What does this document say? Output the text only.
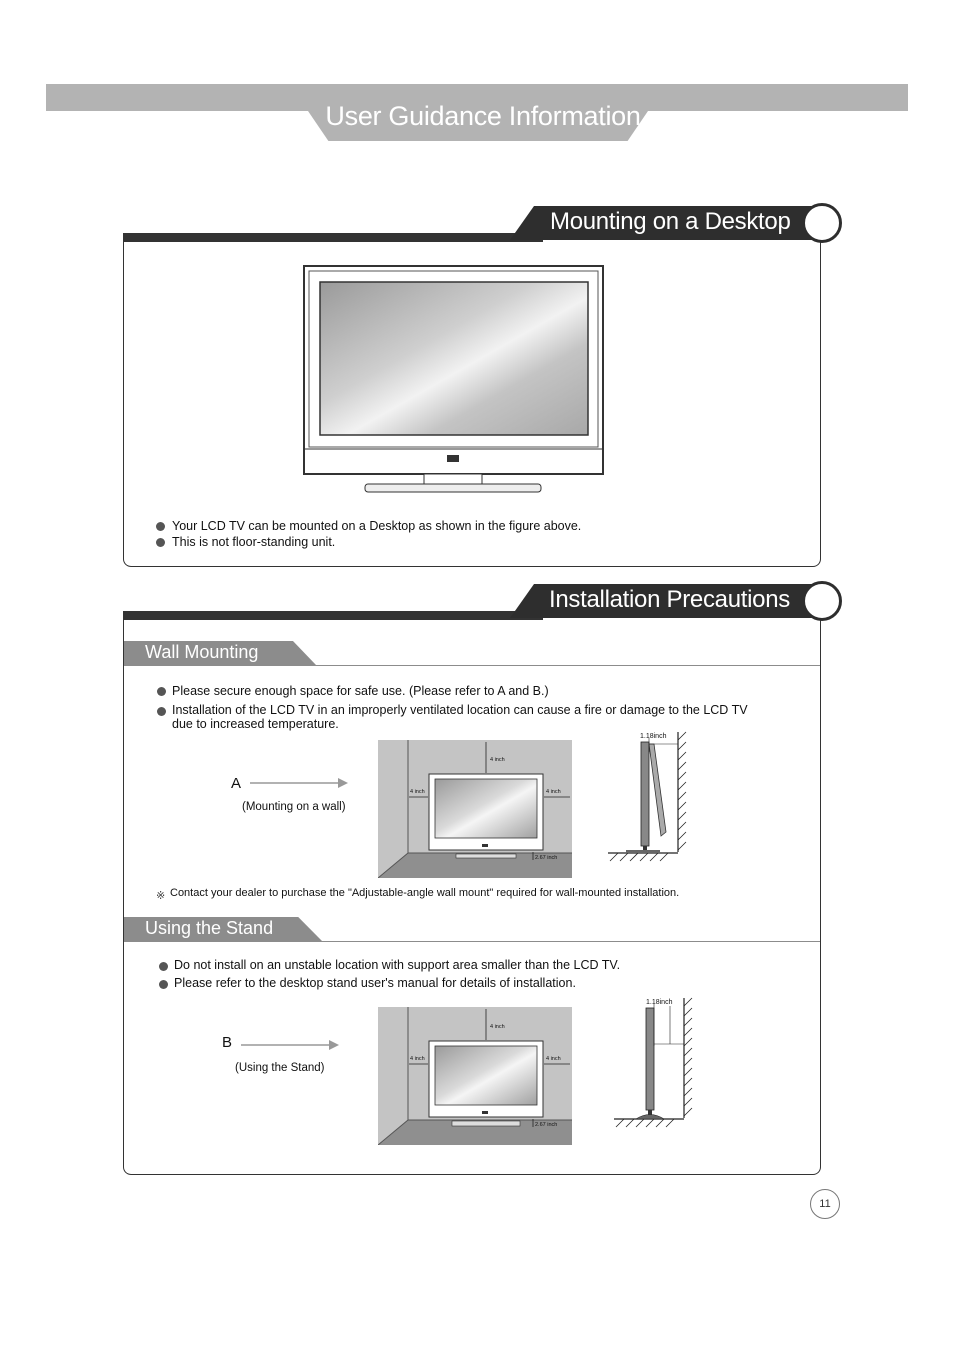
User Guidance Information
Mounting on a Desktop
Your LCD TV can be mounted on a Desktop as shown in the figure above.
This is not floor-standing unit.
Installation Precautions
Wall Mounting
Please secure enough space for safe use. (Please refer to A and B.)
Installation of the LCD TV in an improperly ventilated location can cause a fire or damage to the LCD TV
due to increased temperature.
A
(Mounting on a wall)
4 inch
4 inch	4 inch
2.67 inch
1.18inch
※ Contact your dealer to purchase the "Adjustable-angle wall mount" required for wall-mounted installation.
Using the Stand
Do not install on an unstable location with support area smaller than the LCD TV.
Please refer to the desktop stand user's manual for details of installation.
B
(Using the Stand)
4 inch
4 inch	4 inch
2.67 inch
1.18inch
11
